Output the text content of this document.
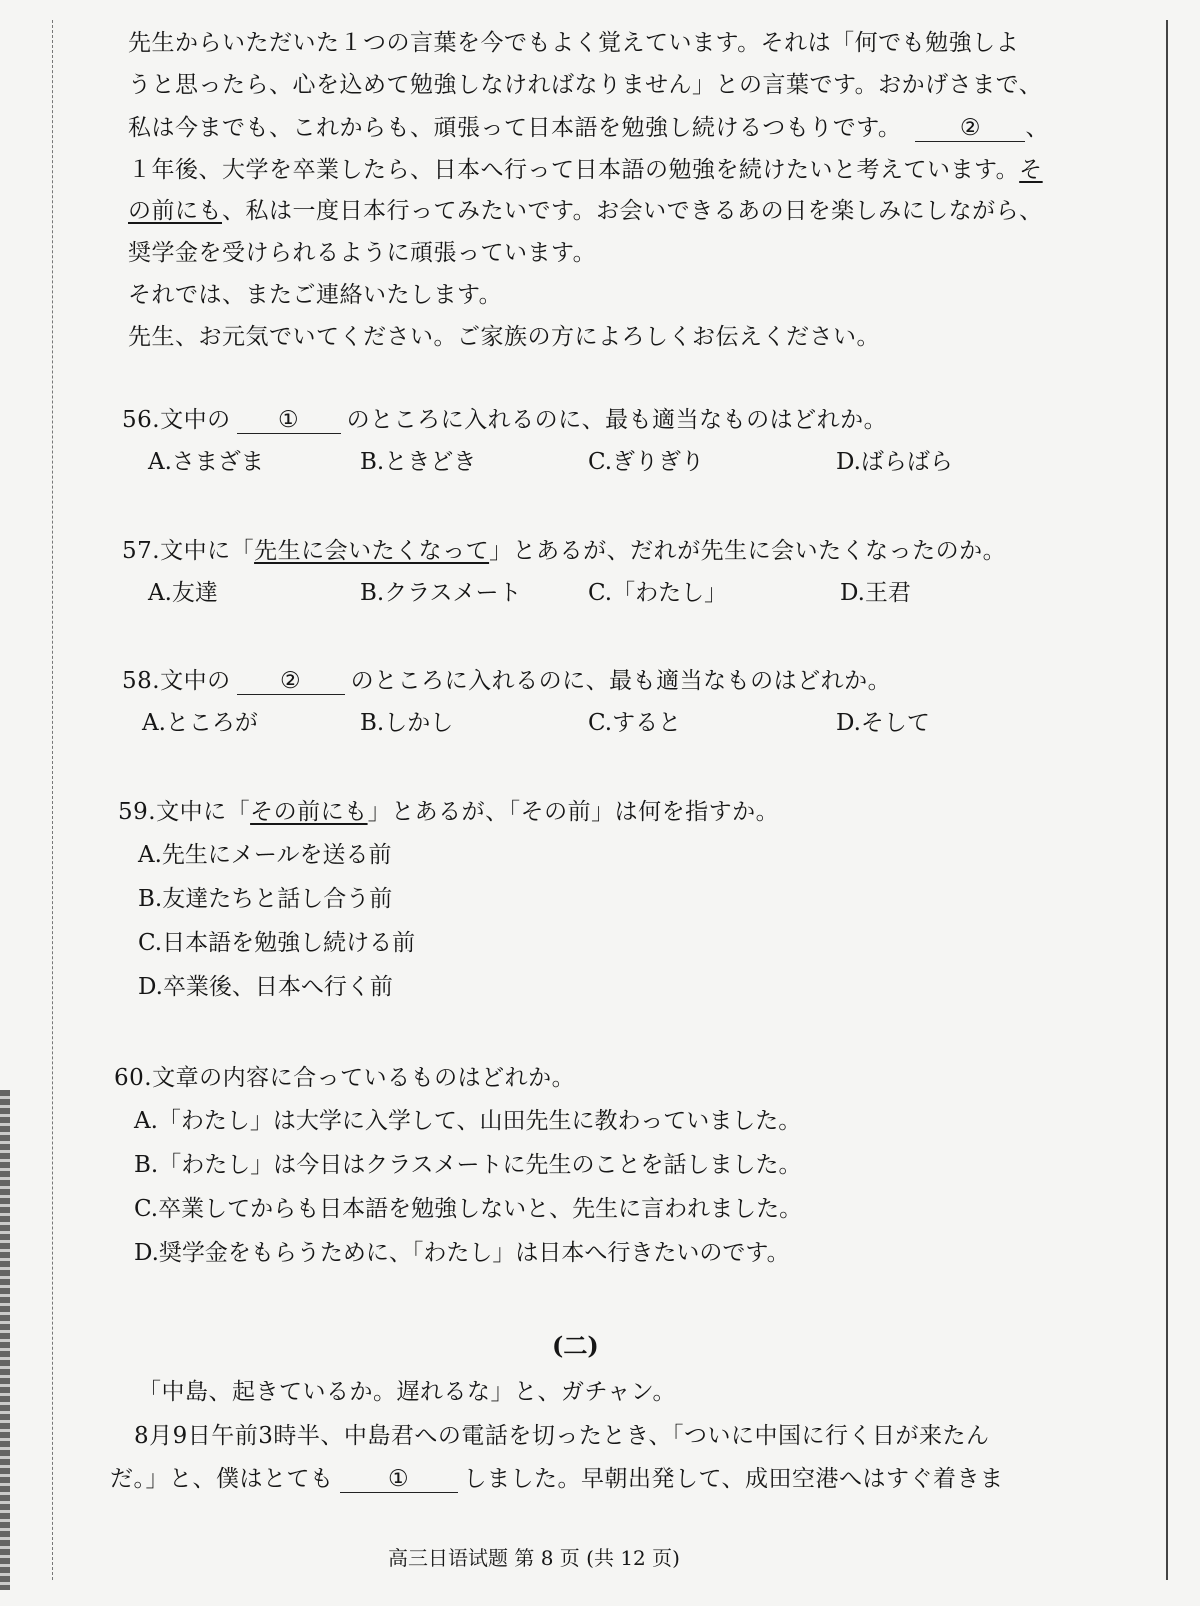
先生からいただいた１つの言葉を今でもよく覚えています。それは「何でも勉強しよ
うと思ったら、心を込めて勉強しなければなりません」との言葉です。おかげさまで、
私は今までも、これからも、頑張って日本語を勉強し続けるつもりです。	② 、
１年後、大学を卒業したら、日本へ行って日本語の勉強を続けたいと考えています。そ
の前にも、私は一度日本行ってみたいです。お会いできるあの日を楽しみにしながら、
奨学金を受けられるように頑張っています。
それでは、またご連絡いたします。
先生、お元気でいてください。ご家族の方によろしくお伝えください。
56.文中の ① のところに入れるのに、最も適当なものはどれか。
A.さまざま	B.ときどき	C.ぎりぎり	D.ばらばら
57.文中に「先生に会いたくなって」とあるが、だれが先生に会いたくなったのか。
A.友達	B.クラスメート	C.「わたし」	D.王君
58.文中の ② のところに入れるのに、最も適当なものはどれか。
A.ところが	B.しかし	C.すると	D.そして
59.文中に「その前にも」とあるが、「その前」は何を指すか。
A.先生にメールを送る前
B.友達たちと話し合う前
C.日本語を勉強し続ける前
D.卒業後、日本へ行く前
60.文章の内容に合っているものはどれか。
A.「わたし」は大学に入学して、山田先生に教わっていました。
B.「わたし」は今日はクラスメートに先生のことを話しました。
C.卒業してからも日本語を勉強しないと、先生に言われました。
D.奨学金をもらうために、「わたし」は日本へ行きたいのです。
(二)
「中島、起きているか。遅れるな」と、ガチャン。
8月9日午前3時半、中島君への電話を切ったとき、「ついに中国に行く日が来たん
だ。」と、僕はとても ① しました。早朝出発して、成田空港へはすぐ着きま
高三日语试题 第 8 页 (共 12 页)
